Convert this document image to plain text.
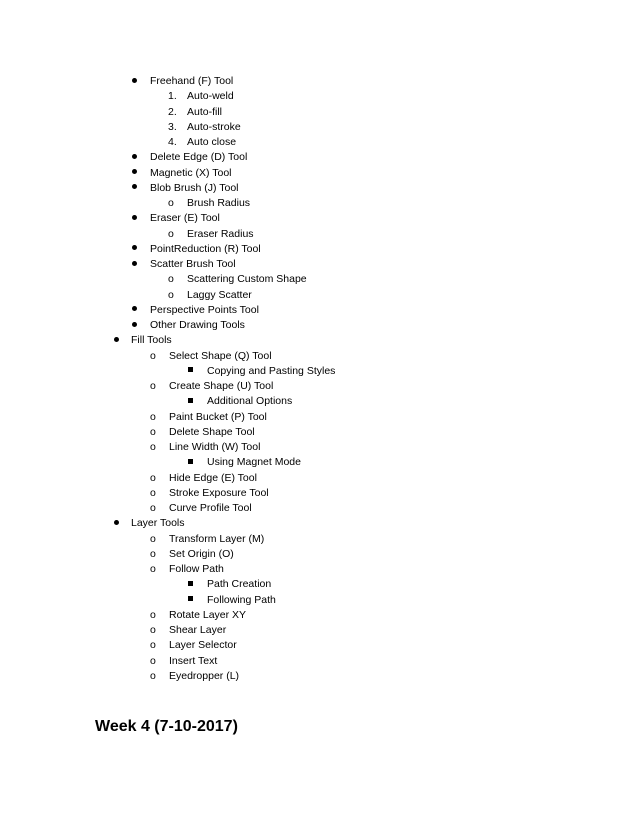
Freehand (F) Tool
1. Auto-weld
2. Auto-fill
3. Auto-stroke
4. Auto close
Delete Edge (D) Tool
Magnetic (X) Tool
Blob Brush (J) Tool
o	Brush Radius
Eraser (E) Tool
o	Eraser Radius
PointReduction (R) Tool
Scatter Brush Tool
o	Scattering Custom Shape
o	Laggy Scatter
Perspective Points Tool
Other Drawing Tools
Fill Tools
o	Select Shape (Q) Tool
Copying and Pasting Styles
o	Create Shape (U) Tool
Additional Options
o	Paint Bucket (P) Tool
o	Delete Shape Tool
o	Line Width (W) Tool
Using Magnet Mode
o	Hide Edge (E) Tool
o	Stroke Exposure Tool
o	Curve Profile Tool
Layer Tools
o	Transform Layer (M)
o	Set Origin (O)
o	Follow Path
Path Creation
Following Path
o	Rotate Layer XY
o	Shear Layer
o	Layer Selector
o	Insert Text
o	Eyedropper (L)
Week 4 (7-10-2017)
